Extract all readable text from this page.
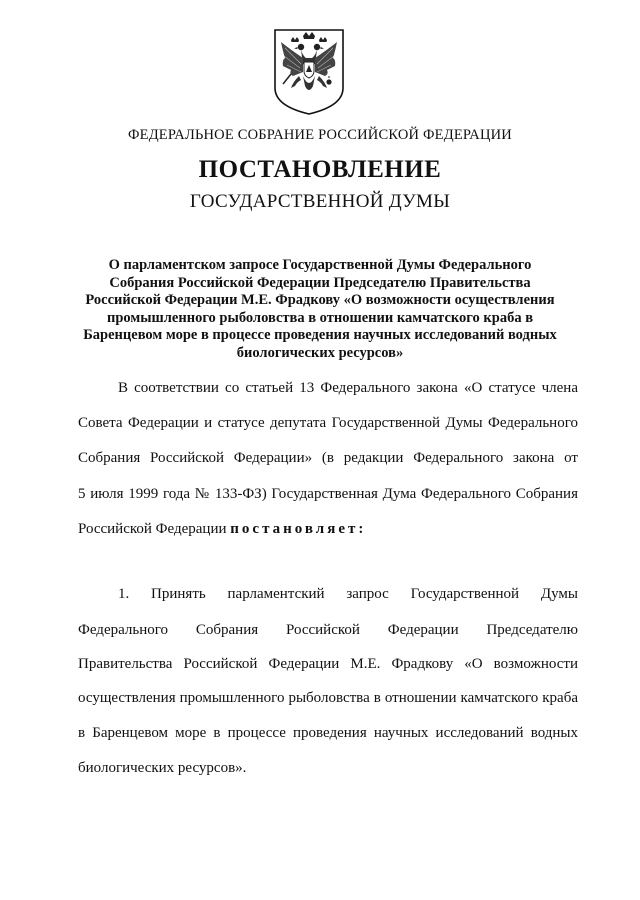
ФЕДЕРАЛЬНОЕ СОБРАНИЕ РОССИЙСКОЙ ФЕДЕРАЦИИ
ПОСТАНОВЛЕНИЕ
ГОСУДАРСТВЕННОЙ ДУМЫ
О парламентском запросе Государственной Думы Федерального
Собрания Российской Федерации Председателю Правительства
Российской Федерации М.Е. Фрадкову «О возможности осуществления
промышленного рыболовства в отношении камчатского краба в
Баренцевом море в процессе проведения научных исследований водных
биологических ресурсов»
В соответствии со статьей 13 Федерального закона «О статусе члена
Совета Федерации и статусе депутата Государственной Думы Федерального
Собрания Российской Федерации» (в редакции Федерального закона от
5 июля 1999 года № 133-ФЗ) Государственная Дума Федерального Собрания
Российской Федерации постановляет:
1. Принять парламентский запрос Государственной Думы
Федерального Собрания Российской Федерации Председателю
Правительства Российской Федерации М.Е. Фрадкову «О возможности
осуществления промышленного рыболовства в отношении камчатского краба
в Баренцевом море в процессе проведения научных исследований водных
биологических ресурсов».
